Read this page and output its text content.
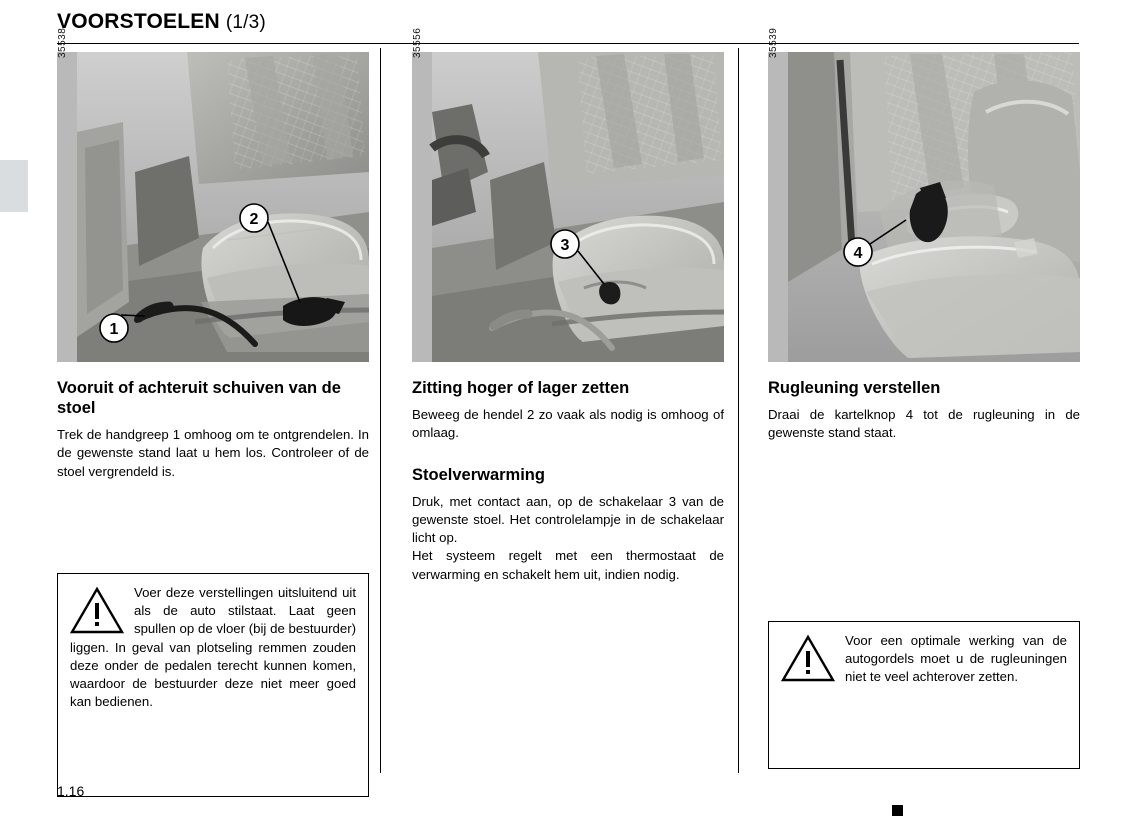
VOORSTOELEN (1/3)
35538
2
1
Vooruit of achteruit schuiven van de stoel

Trek de handgreep 1 omhoog om te ontgrendelen. In de gewenste stand laat u hem los. Controleer of de stoel vergrendeld is.

Voer deze verstellingen uitsluitend uit als de auto stilstaat. Laat geen spullen op de vloer (bij de bestuurder) liggen. In geval van plotseling remmen zouden deze onder de pedalen terecht kunnen komen, waardoor de bestuurder deze niet meer goed kan bedienen.
35556
3
Zitting hoger of lager zetten

Beweeg de hendel 2 zo vaak als nodig is omhoog of omlaag.

Stoelverwarming

Druk, met contact aan, op de schakelaar 3 van de gewenste stoel. Het controlelampje in de schakelaar licht op.

Het systeem regelt met een thermostaat de verwarming en schakelt hem uit, indien nodig.

35539
4
Rugleuning verstellen

Draai de kartelknop 4 tot de rugleuning in de gewenste stand staat.

Voor een optimale werking van de autogordels moet u de rugleuningen niet te veel achterover zetten.
1.16
